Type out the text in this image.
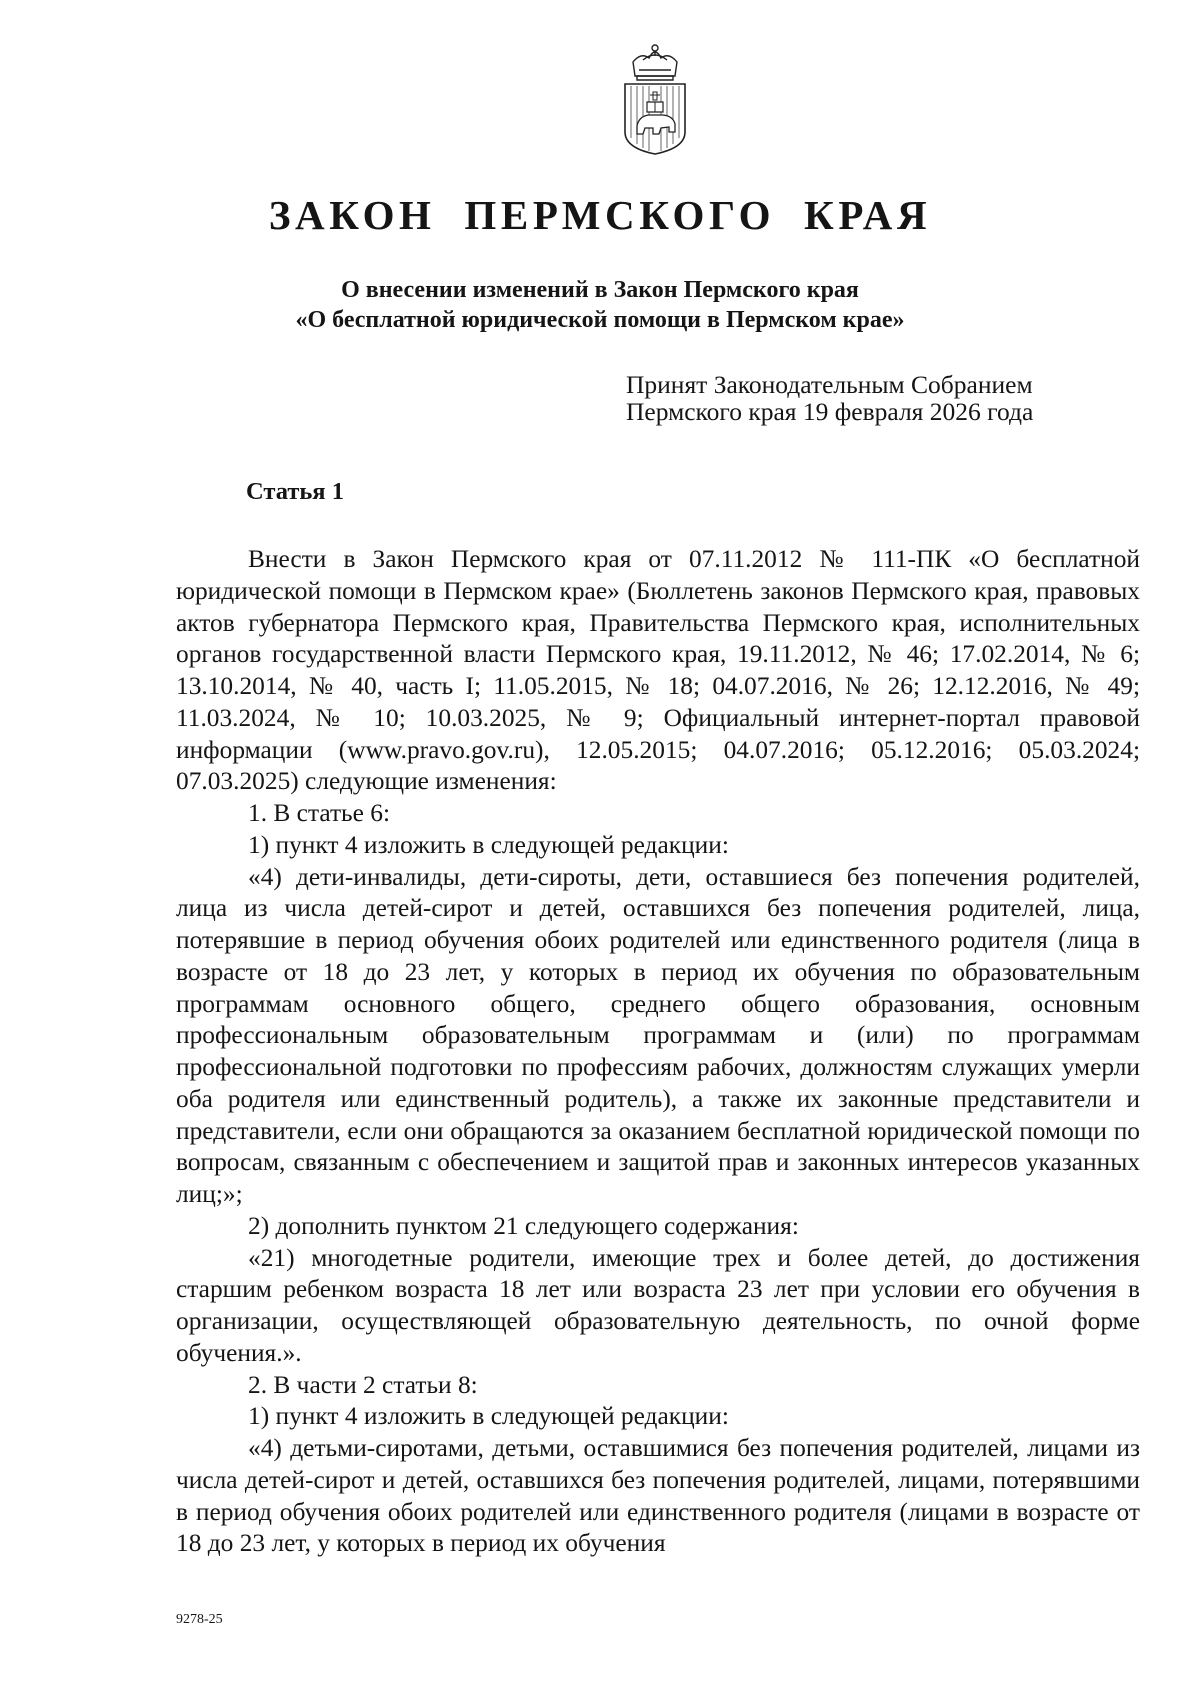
ЗАКОН ПЕРМСКОГО КРАЯ
О внесении изменений в Закон Пермского края
«О бесплатной юридической помощи в Пермском крае»
Принят Законодательным Собранием
Пермского края 19 февраля 2026 года
Статья 1

Внести в Закон Пермского края от 07.11.2012 № 111-ПК «О бесплатной юридической помощи в Пермском крае» (Бюллетень законов Пермского края, правовых актов губернатора Пермского края, Правительства Пермского края, исполнительных органов государственной власти Пермского края, 19.11.2012, № 46; 17.02.2014, № 6; 13.10.2014, № 40, часть I; 11.05.2015, № 18; 04.07.2016, № 26; 12.12.2016, № 49; 11.03.2024, № 10; 10.03.2025, № 9; Официальный интернет-портал правовой информации (www.pravo.gov.ru), 12.05.2015; 04.07.2016; 05.12.2016; 05.03.2024; 07.03.2025) следующие изменения:

1. В статье 6:

1) пункт 4 изложить в следующей редакции:

«4) дети-инвалиды, дети-сироты, дети, оставшиеся без попечения родителей, лица из числа детей-сирот и детей, оставшихся без попечения родителей, лица, потерявшие в период обучения обоих родителей или единственного родителя (лица в возрасте от 18 до 23 лет, у которых в период их обучения по образовательным программам основного общего, среднего общего образования, основным профессиональным образовательным программам и (или) по программам профессиональной подготовки по профессиям рабочих, должностям служащих умерли оба родителя или единственный родитель), а также их законные представители и представители, если они обращаются за оказанием бесплатной юридической помощи по вопросам, связанным с обеспечением и защитой прав и законных интересов указанных лиц;»;

2) дополнить пунктом 21 следующего содержания:

«21) многодетные родители, имеющие трех и более детей, до достижения старшим ребенком возраста 18 лет или возраста 23 лет при условии его обучения в организации, осуществляющей образовательную деятельность, по очной форме обучения.».

2. В части 2 статьи 8:

1) пункт 4 изложить в следующей редакции:

«4) детьми-сиротами, детьми, оставшимися без попечения родителей, лицами из числа детей-сирот и детей, оставшихся без попечения родителей, лицами, потерявшими в период обучения обоих родителей или единственного родителя (лицами в возрасте от 18 до 23 лет, у которых в период их обучения

9278-25
